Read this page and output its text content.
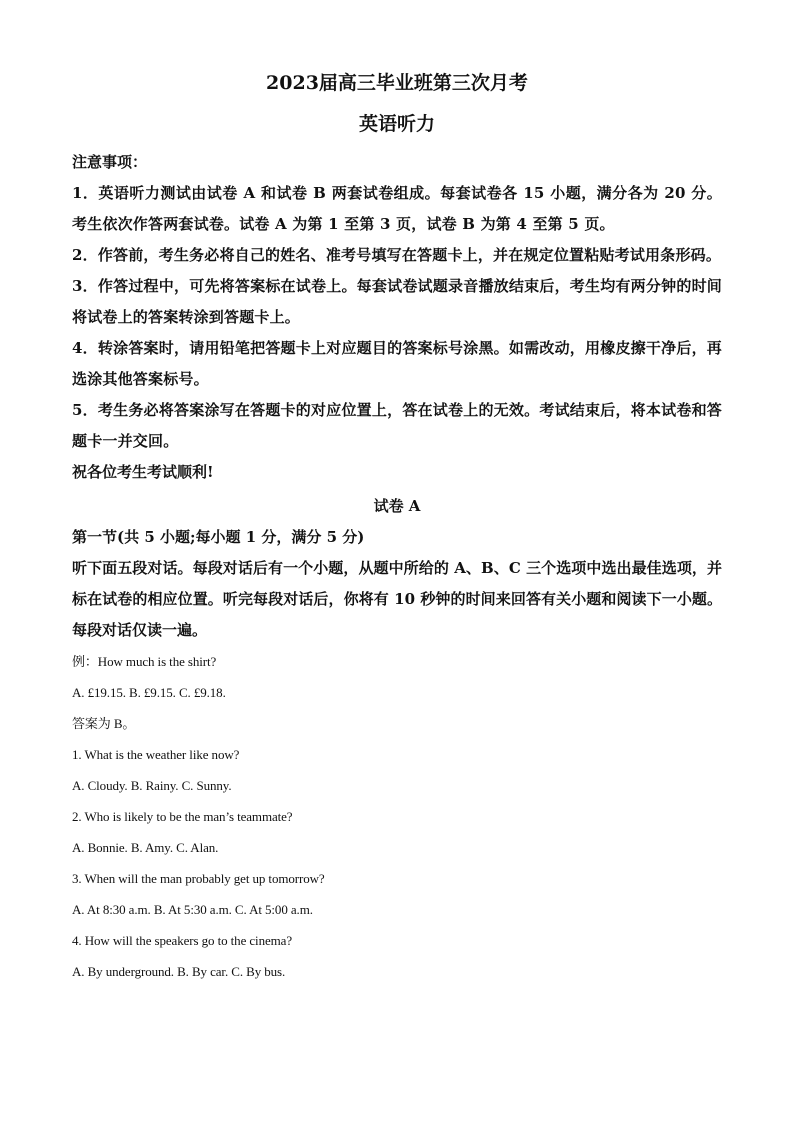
2023届高三毕业班第三次月考

英语听力

注意事项：

1．英语听力测试由试卷 A 和试卷 B 两套试卷组成。每套试卷各 15 小题，满分各为 20 分。考生依次作答两套试卷。试卷 A 为第 1 至第 3 页，试卷 B 为第 4 至第 5 页。

2．作答前，考生务必将自己的姓名、准考号填写在答题卡上，并在规定位置粘贴考试用条形码。

3．作答过程中，可先将答案标在试卷上。每套试卷试题录音播放结束后，考生均有两分钟的时间将试卷上的答案转涂到答题卡上。

4．转涂答案时，请用铅笔把答题卡上对应题目的答案标号涂黑。如需改动，用橡皮擦干净后，再选涂其他答案标号。

5．考生务必将答案涂写在答题卡的对应位置上，答在试卷上的无效。考试结束后，将本试卷和答题卡一并交回。

祝各位考生考试顺利!

试卷 A

第一节(共 5 小题;每小题 1 分，满分 5 分)

听下面五段对话。每段对话后有一个小题，从题中所给的 A、B、C 三个选项中选出最佳选项，并标在试卷的相应位置。听完每段对话后，你将有 10 秒钟的时间来回答有关小题和阅读下一小题。每段对话仅读一遍。

例：How much is the shirt?

A. £19.15. B. £9.15. C. £9.18.

答案为 B。

1. What is the weather like now?

A. Cloudy. B. Rainy. C. Sunny.

2. Who is likely to be the man’s teammate?

A. Bonnie. B. Amy. C. Alan.

3. When will the man probably get up tomorrow?

A. At 8:30 a.m. B. At 5:30 a.m. C. At 5:00 a.m.

4. How will the speakers go to the cinema?

A. By underground. B. By car. C. By bus.
